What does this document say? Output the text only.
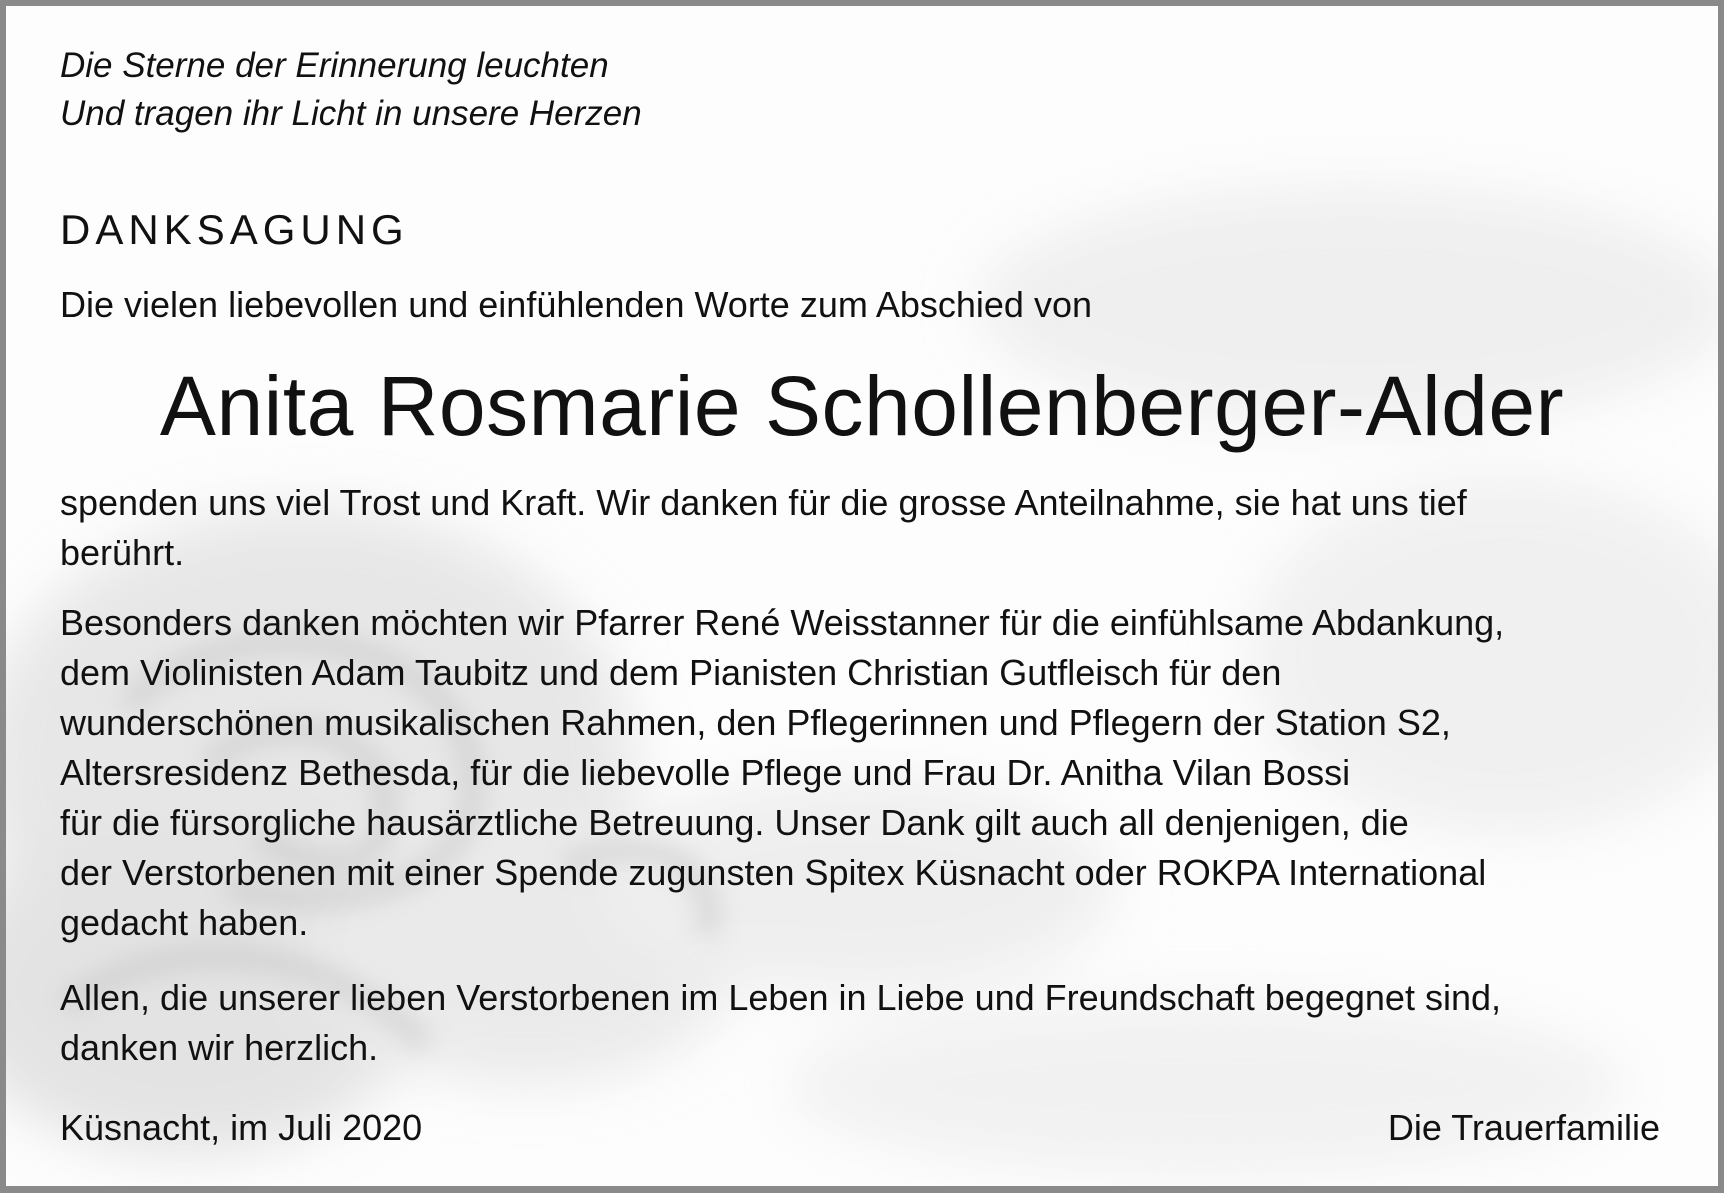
Die Sterne der Erinnerung leuchten
Und tragen ihr Licht in unsere Herzen
DANKSAGUNG
Die vielen liebevollen und einfühlenden Worte zum Abschied von
Anita Rosmarie Schollenberger-Alder
spenden uns viel Trost und Kraft. Wir danken für die grosse Anteilnahme, sie hat uns tief
berührt.
Besonders danken möchten wir Pfarrer René Weisstanner für die einfühlsame Abdankung,
dem Violinisten Adam Taubitz und dem Pianisten Christian Gutfleisch für den
wunderschönen musikalischen Rahmen, den Pflegerinnen und Pflegern der Station S2,
Altersresidenz Bethesda, für die liebevolle Pflege und Frau Dr. Anitha Vilan Bossi
für die fürsorgliche hausärztliche Betreuung. Unser Dank gilt auch all denjenigen, die
der Verstorbenen mit einer Spende zugunsten Spitex Küsnacht oder ROKPA International
gedacht haben.
Allen, die unserer lieben Verstorbenen im Leben in Liebe und Freundschaft begegnet sind,
danken wir herzlich.
Küsnacht, im Juli 2020	Die Trauerfamilie
